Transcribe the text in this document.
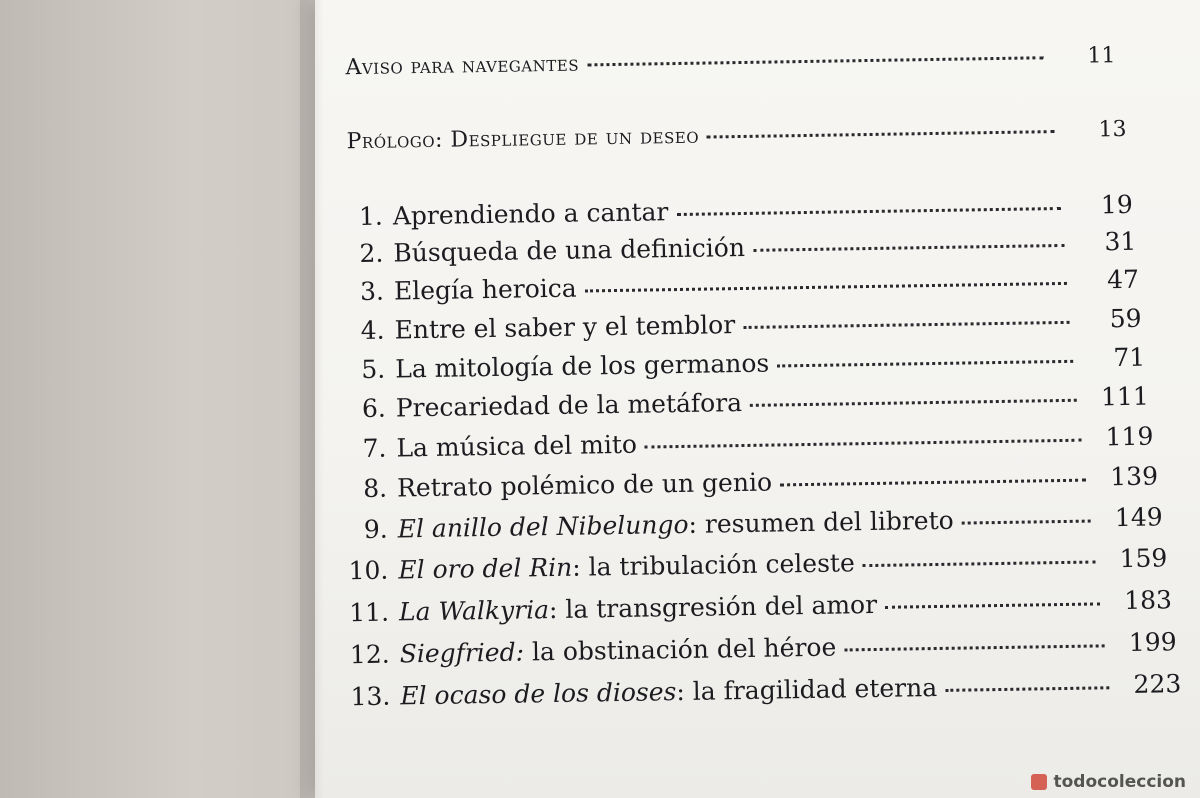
Aviso para navegantes	11
Prólogo: Despliegue de un deseo	13
1. Aprendiendo a cantar	19
2. Búsqueda de una definición	31
3. Elegía heroica	47
4. Entre el saber y el temblor	59
5. La mitología de los germanos	71
6. Precariedad de la metáfora	111
7. La música del mito	119
8. Retrato polémico de un genio	139
9. El anillo del Nibelungo: resumen del libreto	149
10. El oro del Rin: la tribulación celeste	159
11. La Walkyria: la transgresión del amor	183
12. Siegfried: la obstinación del héroe	199
13. El ocaso de los dioses: la fragilidad eterna	223
todocoleccion
